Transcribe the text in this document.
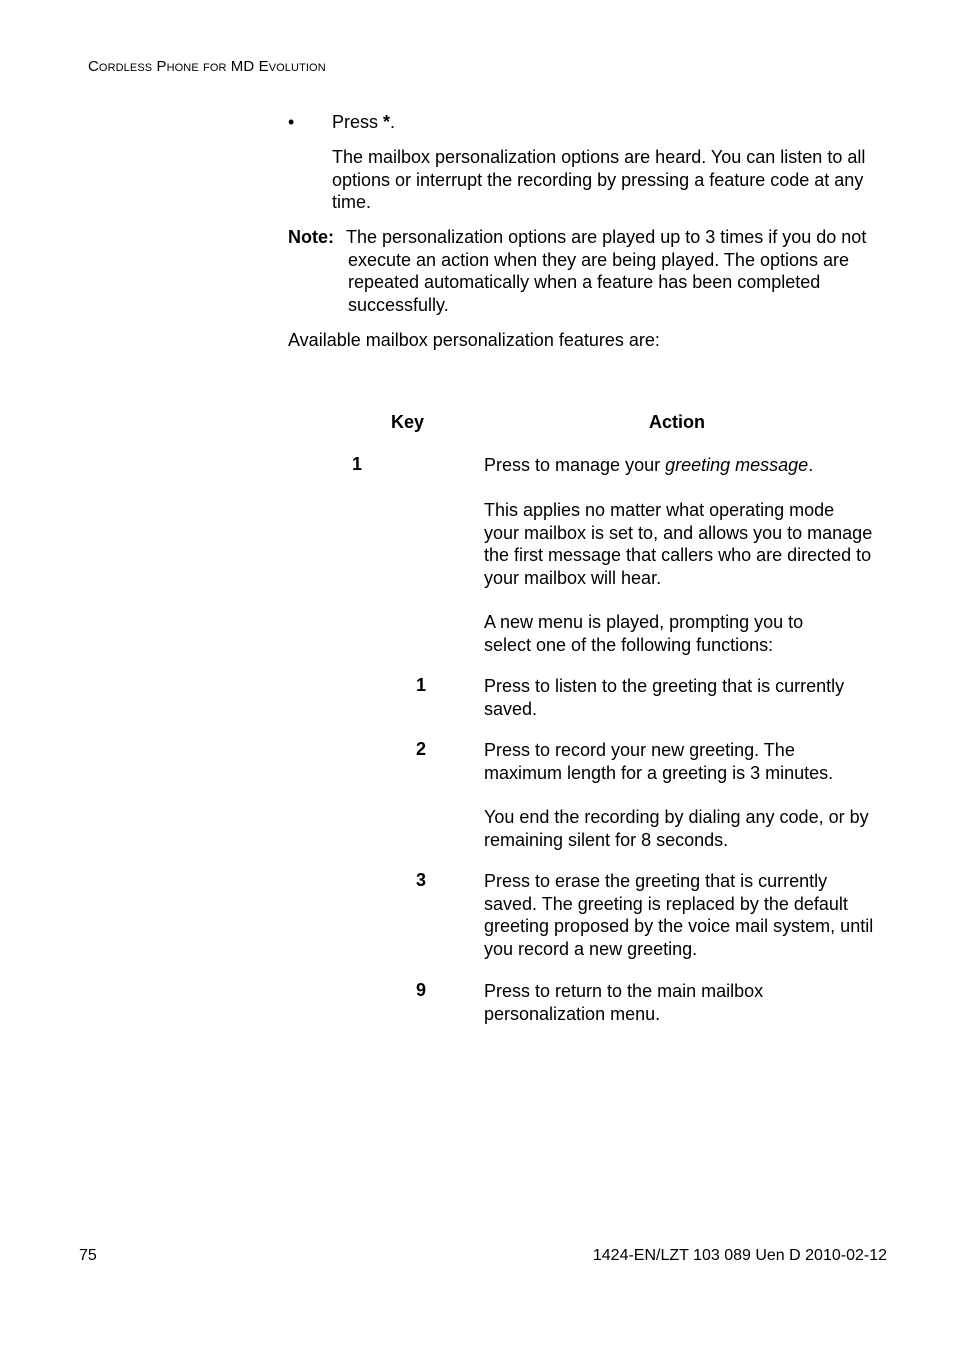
Cordless Phone for MD Evolution
• Press *.
The mailbox personalization options are heard. You can listen to all options or interrupt the recording by pressing a feature code at any time.
Note: The personalization options are played up to 3 times if you do not
execute an action when they are being played. The options are repeated automatically when a feature has been completed successfully.
Available mailbox personalization features are:
Key	Action
1	Press to manage your greeting message.
This applies no matter what operating mode your mailbox is set to, and allows you to manage the first message that callers who are directed to your mailbox will hear.
A new menu is played, prompting you to select one of the following functions:
1	Press to listen to the greeting that is currently saved.
2	Press to record your new greeting. The maximum length for a greeting is 3 minutes.
You end the recording by dialing any code, or by remaining silent for 8 seconds.
3	Press to erase the greeting that is currently saved. The greeting is replaced by the default greeting proposed by the voice mail system, until you record a new greeting.
9	Press to return to the main mailbox personalization menu.
75	1424-EN/LZT 103 089 Uen D 2010-02-12
